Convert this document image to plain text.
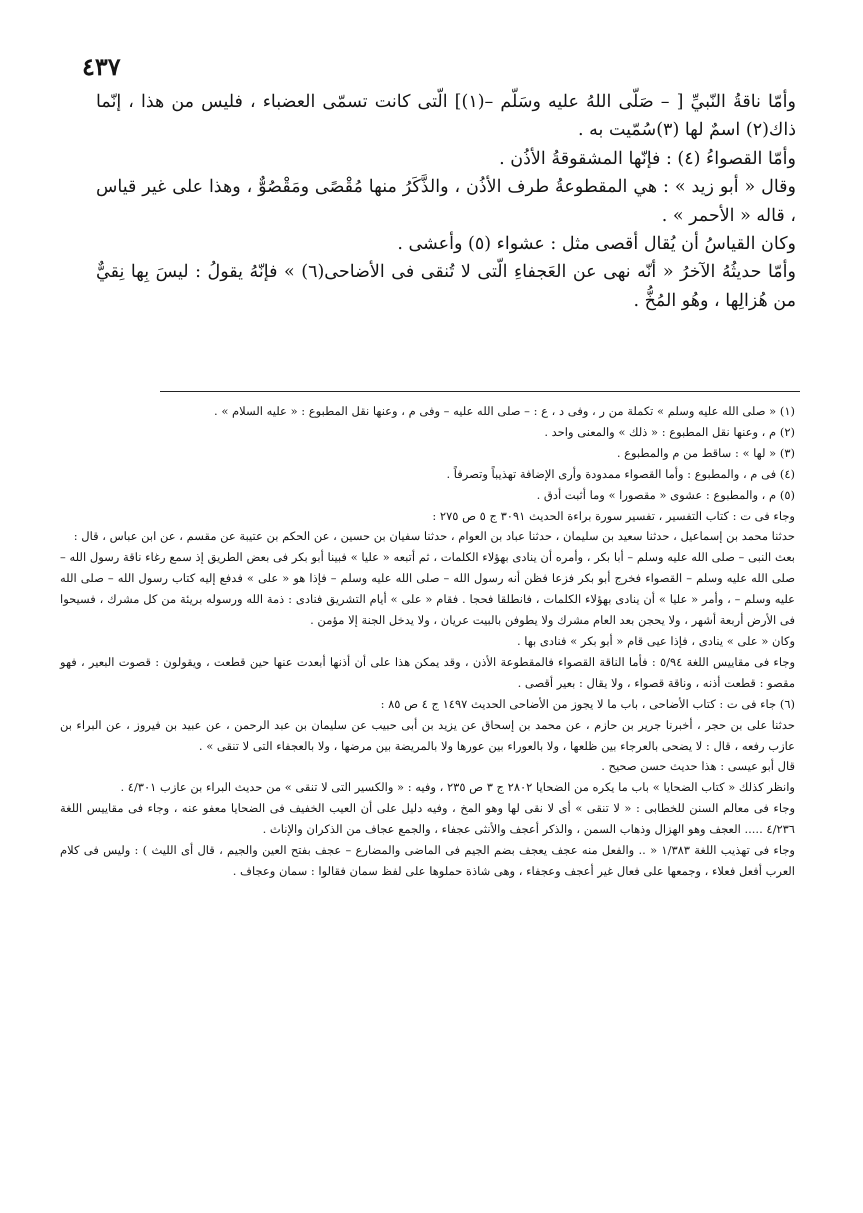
٤٣٧

وأمّا ناقةُ النّبيِّ [ – صَلّى اللهُ عليه وسَلّم –(١)] الّتى كانت تسمّى العضباء ، فليس من هذا ، إنّما ذاك(٢) اسمٌ لها (٣)سُمّيت به .

وأمّا القصواءُ (٤) : فإنّها المشقوقةُ الأذُن .

وقال « أبو زيد » : هي المقطوعةُ طرف الأذُن ، والذَّكَرُ منها مُقْصًى ومَقْصُوٌّ ، وهذا على غير قياس ، قاله « الأحمر » .

وكان القياسُ أن يُقال أقصى مثل : عشواء (٥) وأعشى .

وأمّا حديثُهُ الآخرُ « أنّه نهى عن العَجفاءِ الّتى لا تُنقى فى الأضاحى(٦) » فإنّهُ يقولُ : ليسَ بِها نِقيٌّ من هُزالِها ، وهُو المُخُّ .

(١) « صلى الله عليه وسلم » تكملة من ر ، وفى د ، ع : – صلى الله عليه – وفى م ، وعنها نقل المطبوع : « عليه السلام » .

(٢) م ، وعنها نقل المطبوع : « ذلك » والمعنى واحد .

(٣) « لها » : ساقط من م والمطبوع .

(٤) فى م ، والمطبوع : وأما القصواء ممدودة وأرى الإضافة تهذيباً وتصرفاً .

(٥) م ، والمطبوع : عشوى « مقصورا » وما أثبت أدق .

وجاء فى ت : كتاب التفسير ، تفسير سورة براءة الحديث ٣٠٩١ ج ٥ ص ٢٧٥ :

حدثنا محمد بن إسماعيل ، حدثنا سعيد بن سليمان ، حدثنا عباد بن العوام ، حدثنا سفيان بن حسين ، عن الحكم بن عتيبة عن مقسم ، عن ابن عباس ، قال :

بعث النبى – صلى الله عليه وسلم – أبا بكر ، وأمره أن ينادى بهؤلاء الكلمات ، ثم أتبعه « عليا » فبينا أبو بكر فى بعض الطريق إذ سمع رغاء ناقة رسول الله – صلى الله عليه وسلم – القصواء فخرج أبو بكر فزعا فظن أنه رسول الله – صلى الله عليه وسلم – فإذا هو « على » فدفع إليه كتاب رسول الله – صلى الله عليه وسلم – ، وأمر « عليا » أن ينادى بهؤلاء الكلمات ، فانطلقا فحجا . فقام « على » أيام التشريق فنادى : ذمة الله ورسوله بريئة من كل مشرك ، فسيحوا فى الأرض أربعة أشهر ، ولا يحجن بعد العام مشرك ولا يطوفن بالبيت عريان ، ولا يدخل الجنة إلا مؤمن .

وكان « على » ينادى ، فإذا عيى قام « أبو بكر » فنادى بها .

وجاء فى مقاييس اللغة ٥/٩٤ : فأما الناقة القصواء فالمقطوعة الأذن ، وقد يمكن هذا على أن أذنها أبعدت عنها حين قطعت ، ويقولون : قصوت البعير ، فهو مقصو : قطعت أذنه ، وناقة قصواء ، ولا يقال : بعير أقصى .

(٦) جاء فى ت : كتاب الأضاحى ، باب ما لا يجوز من الأضاحى الحديث ١٤٩٧ ج ٤ ص ٨٥ :

حدثنا على بن حجر ، أخبرنا جرير بن حازم ، عن محمد بن إسحاق عن يزيد بن أبى حبيب عن سليمان بن عبد الرحمن ، عن عبيد بن فيروز ، عن البراء بن عازب رفعه ، قال : لا يضحى بالعرجاء بين ظلعها ، ولا بالعوراء بين عورها ولا بالمريضة بين مرضها ، ولا بالعجفاء التى لا تنقى » .

قال أبو عيسى : هذا حديث حسن صحيح .

وانظر كذلك « كتاب الضحايا » باب ما يكره من الضحايا ٢٨٠٢ ج ٣ ص ٢٣٥ ، وفيه : « والكسير التى لا تنقى » من حديث البراء بن عازب ٤/٣٠١ .

وجاء فى معالم السنن للخطابى : « لا تنقى » أى لا نقى لها وهو المخ ، وفيه دليل على أن العيب الخفيف فى الضحايا معفو عنه ، وجاء فى مقاييس اللغة ٤/٢٣٦ ..... العجف وهو الهزال وذهاب السمن ، والذكر أعجف والأنثى عجفاء ، والجمع عجاف من الذكران والإناث .

وجاء فى تهذيب اللغة ١/٣٨٣ « .. والفعل منه عجف يعجف بضم الجيم فى الماضى والمضارع – عجف بفتح العين والجيم ، قال أى الليث ) : وليس فى كلام العرب أفعل فعلاء ، وجمعها على فعال غير أعجف وعجفاء ، وهى شاذة حملوها على لفظ سمان فقالوا : سمان وعجاف .
